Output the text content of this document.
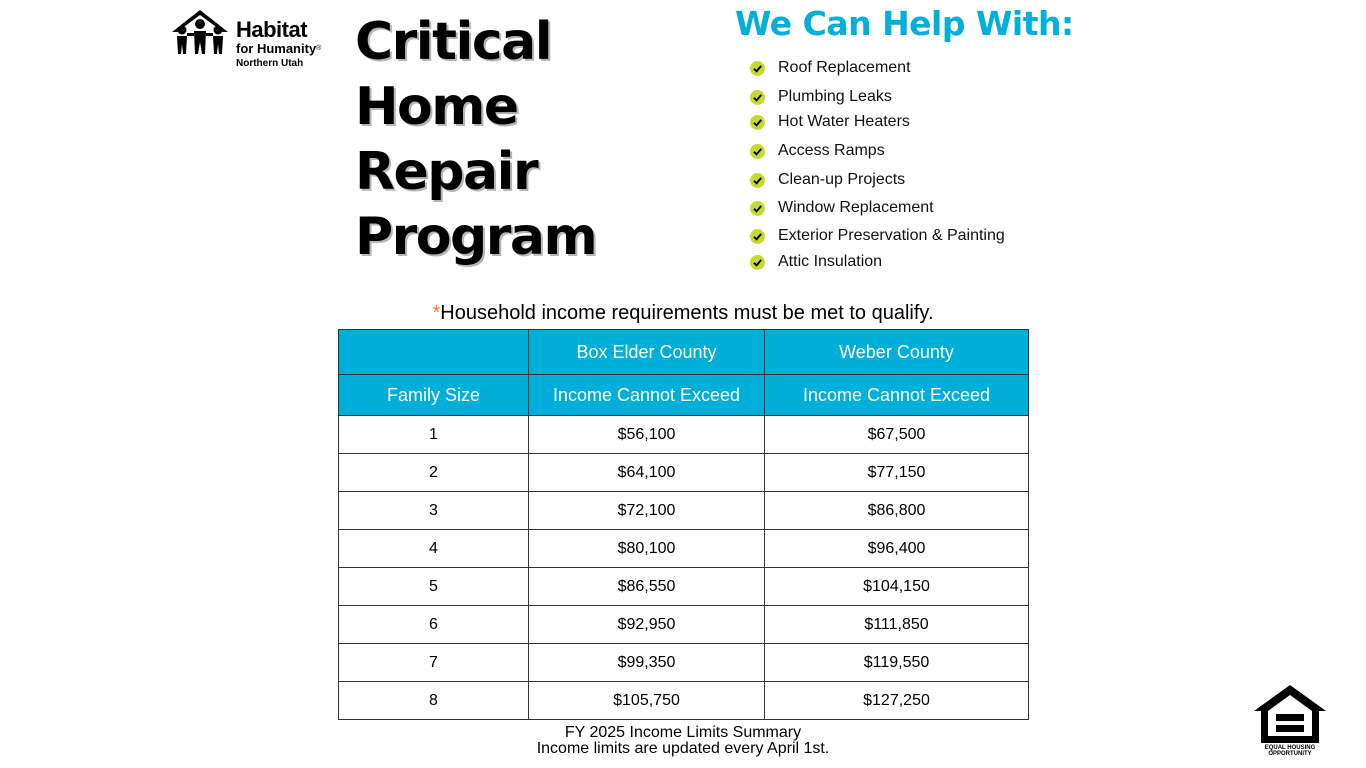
Habitat
for Humanity®
Northern Utah Critical
Home
Repair
Program
We Can Help With:
Roof Replacement
Plumbing Leaks
Hot Water Heaters
Access Ramps
Clean-up Projects
Window Replacement
Exterior Preservation & Painting
Attic Insulation
*Household income requirements must be met to qualify.
	Box Elder County	Weber County
Family Size	Income Cannot Exceed	Income Cannot Exceed
1	$56,100	$67,500
2	$64,100	$77,150
3	$72,100	$86,800
4	$80,100	$96,400
5	$86,550	$104,150
6	$92,950	$111,850
7	$99,350	$119,550
8	$105,750	$127,250
FY 2025 Income Limits Summary
Income limits are updated every April 1st.	EQUAL HOUSING
OPPORTUNITY
